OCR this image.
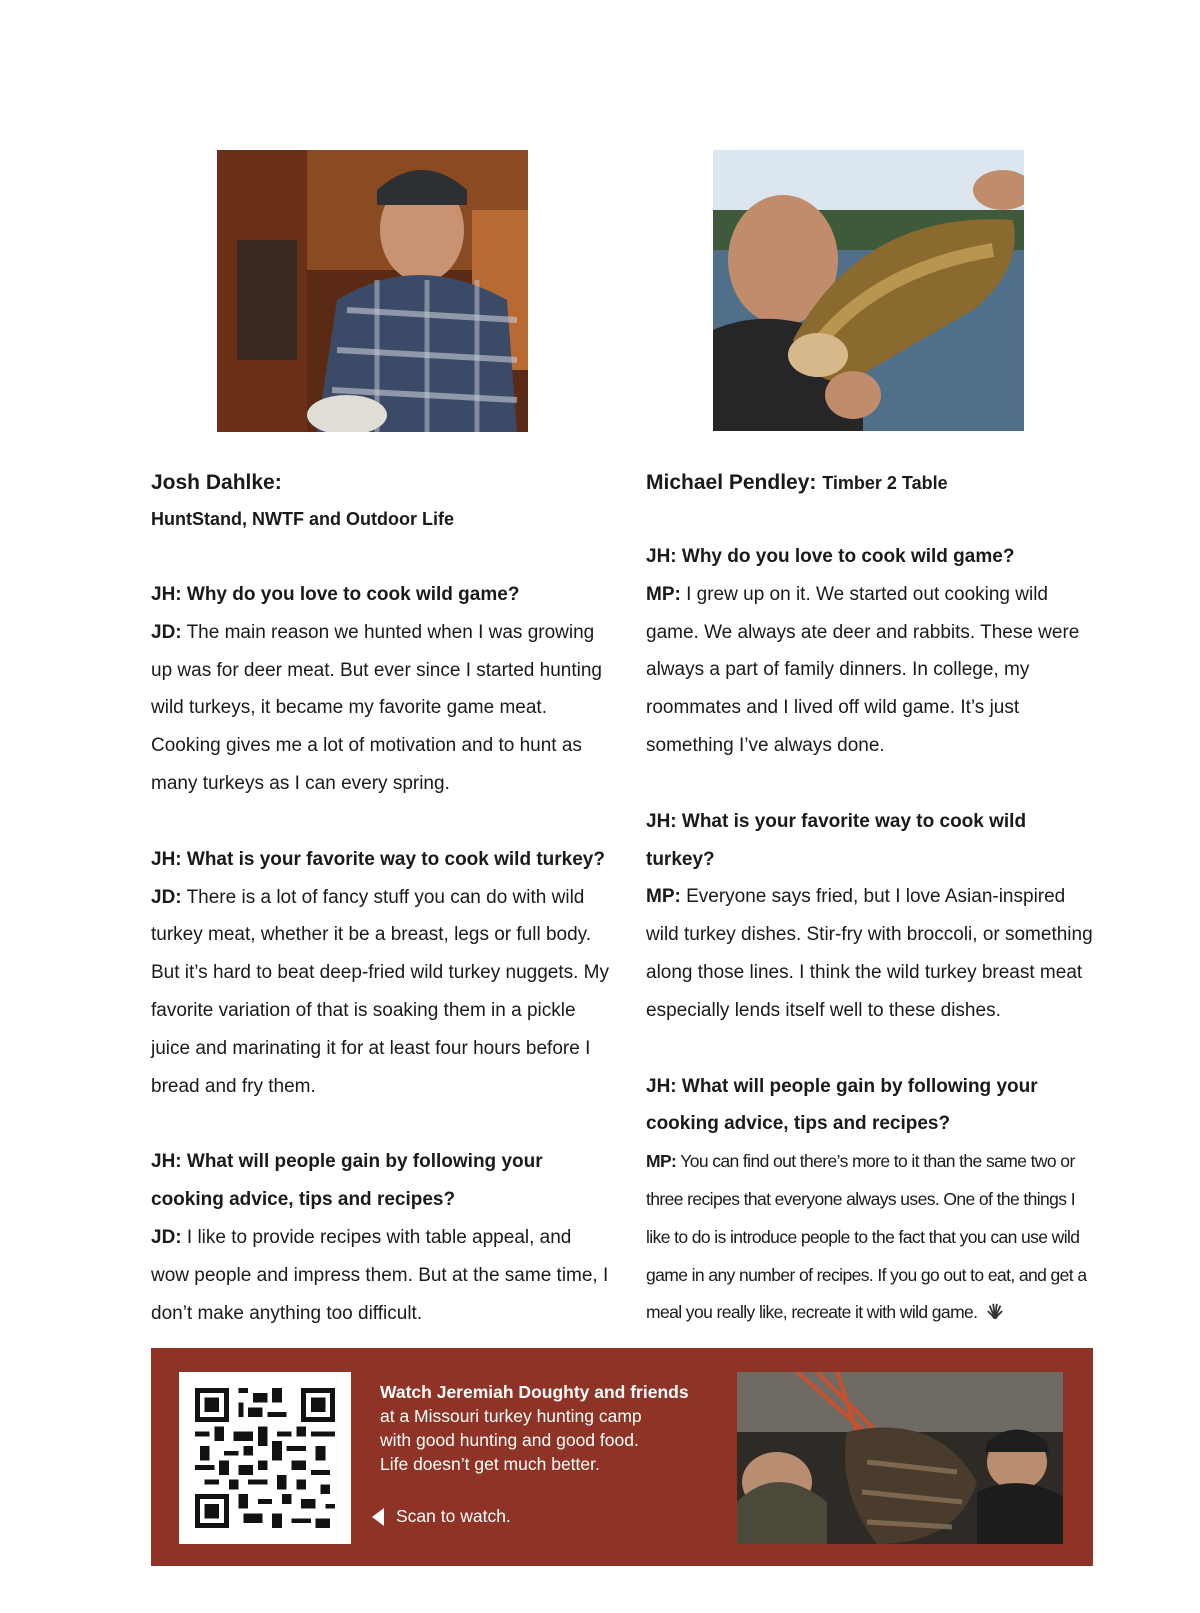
Josh Dahlke:
HuntStand, NWTF and Outdoor Life
JH: Why do you love to cook wild game?
JD: The main reason we hunted when I was growing up was for deer meat. But ever since I started hunting wild turkeys, it became my favorite game meat. Cooking gives me a lot of motivation and to hunt as many turkeys as I can every spring.
JH: What is your favorite way to cook wild turkey?
JD: There is a lot of fancy stuff you can do with wild turkey meat, whether it be a breast, legs or full body. But it’s hard to beat deep-fried wild turkey nuggets. My favorite variation of that is soaking them in a pickle juice and marinating it for at least four hours before I bread and fry them.
JH: What will people gain by following your cooking advice, tips and recipes?
JD: I like to provide recipes with table appeal, and wow people and impress them. But at the same time, I don’t make anything too difficult.
Michael Pendley: Timber 2 Table
JH: Why do you love to cook wild game?
MP: I grew up on it. We started out cooking wild game. We always ate deer and rabbits. These were always a part of family dinners. In college, my roommates and I lived off wild game. It’s just something I’ve always done.
JH: What is your favorite way to cook wild turkey?
MP: Everyone says fried, but I love Asian-inspired wild turkey dishes. Stir-fry with broccoli, or something along those lines. I think the wild turkey breast meat especially lends itself well to these dishes.
JH: What will people gain by following your cooking advice, tips and recipes?
MP: You can find out there’s more to it than the same two or three recipes that everyone always uses. One of the things I like to do is introduce people to the fact that you can use wild game in any number of recipes. If you go out to eat, and get a meal you really like, recreate it with wild game.
Watch Jeremiah Doughty and friends
at a Missouri turkey hunting camp
with good hunting and good food.
Life doesn’t get much better.
Scan to watch.
